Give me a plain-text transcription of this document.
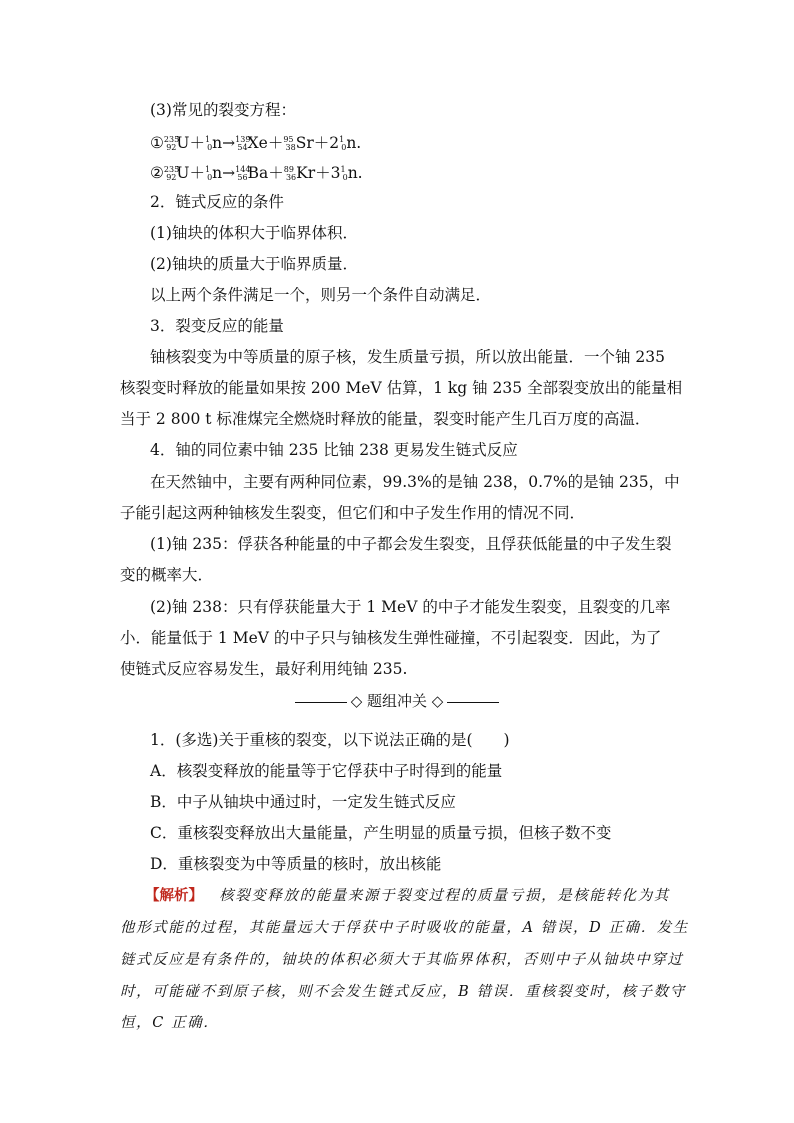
(3)常见的裂变方程：
$①^{235}_{92}U+^1_0n\to^{139}_{54}Xe+^{95}_{38}Sr+2^1_0n$.
$②^{235}_{92}U+^1_0n\to^{144}_{56}Ba+^{89}_{36}Kr+3^1_0n$.
2．链式反应的条件
(1)铀块的体积大于临界体积．
(2)铀块的质量大于临界质量．
以上两个条件满足一个，则另一个条件自动满足．
3．裂变反应的能量
铀核裂变为中等质量的原子核，发生质量亏损，所以放出能量．一个铀 235
核裂变时释放的能量如果按 200 MeV 估算，1 kg 铀 235 全部裂变放出的能量相
当于 2 800 t 标准煤完全燃烧时释放的能量，裂变时能产生几百万度的高温．
4．铀的同位素中铀 235 比铀 238 更易发生链式反应
在天然铀中，主要有两种同位素，99.3%的是铀 238，0.7%的是铀 235，中
子能引起这两种铀核发生裂变，但它们和中子发生作用的情况不同．
(1)铀 235：俘获各种能量的中子都会发生裂变，且俘获低能量的中子发生裂
变的概率大．
(2)铀 238：只有俘获能量大于 1 MeV 的中子才能发生裂变，且裂变的几率
小．能量低于 1 MeV 的中子只与铀核发生弹性碰撞，不引起裂变．因此，为了
使链式反应容易发生，最好利用纯铀 235.
◇ 题组冲关 ◇
1．(多选)关于重核的裂变，以下说法正确的是(　　)
A．核裂变释放的能量等于它俘获中子时得到的能量
B．中子从铀块中通过时，一定发生链式反应
C．重核裂变释放出大量能量，产生明显的质量亏损，但核子数不变
D．重核裂变为中等质量的核时，放出核能
【解析】  核裂变释放的能量来源于裂变过程的质量亏损，是核能转化为其
他形式能的过程，其能量远大于俘获中子时吸收的能量，A 错误，D 正确．发生
链式反应是有条件的，铀块的体积必须大于其临界体积，否则中子从铀块中穿过
时，可能碰不到原子核，则不会发生链式反应，B 错误．重核裂变时，核子数守
恒，C 正确．
